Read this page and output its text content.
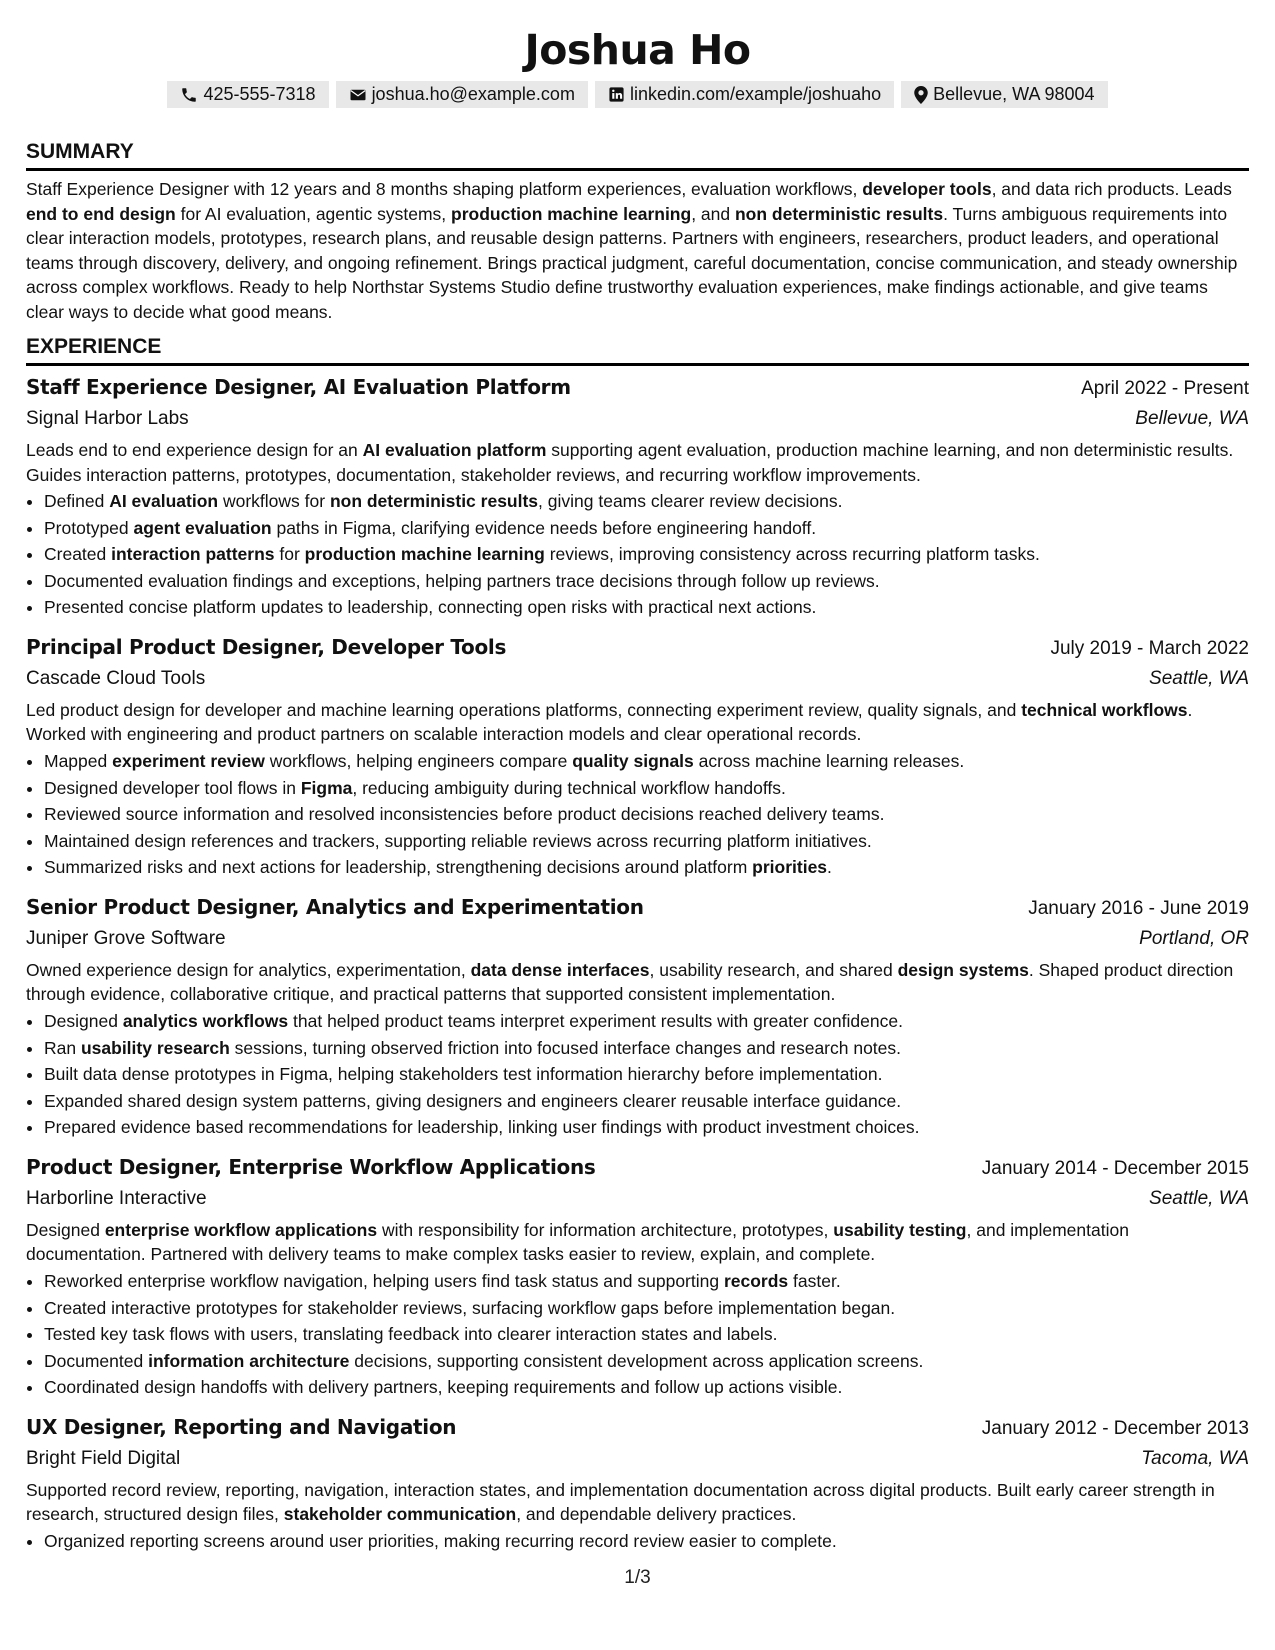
Joshua Ho
425-555-7318	joshua.ho@example.com	linkedin.com/example/joshuaho	Bellevue, WA 98004
SUMMARY

Staff Experience Designer with 12 years and 8 months shaping platform experiences, evaluation workflows, developer tools, and data rich products. Leads end to end design for AI evaluation, agentic systems, production machine learning, and non deterministic results. Turns ambiguous requirements into clear interaction models, prototypes, research plans, and reusable design patterns. Partners with engineers, researchers, product leaders, and operational teams through discovery, delivery, and ongoing refinement. Brings practical judgment, careful documentation, concise communication, and steady ownership across complex workflows. Ready to help Northstar Systems Studio define trustworthy evaluation experiences, make findings actionable, and give teams clear ways to decide what good means.

EXPERIENCE
Staff Experience Designer, AI Evaluation Platform	April 2022 - Present
Signal Harbor Labs	Bellevue, WA

Leads end to end experience design for an AI evaluation platform supporting agent evaluation, production machine learning, and non deterministic results. Guides interaction patterns, prototypes, documentation, stakeholder reviews, and recurring workflow improvements.

• Defined AI evaluation workflows for non deterministic results, giving teams clearer review decisions.
• Prototyped agent evaluation paths in Figma, clarifying evidence needs before engineering handoff.
• Created interaction patterns for production machine learning reviews, improving consistency across recurring platform tasks.
• Documented evaluation findings and exceptions, helping partners trace decisions through follow up reviews.
• Presented concise platform updates to leadership, connecting open risks with practical next actions.
Principal Product Designer, Developer Tools	July 2019 - March 2022
Cascade Cloud Tools	Seattle, WA

Led product design for developer and machine learning operations platforms, connecting experiment review, quality signals, and technical workflows. Worked with engineering and product partners on scalable interaction models and clear operational records.

• Mapped experiment review workflows, helping engineers compare quality signals across machine learning releases.
• Designed developer tool flows in Figma, reducing ambiguity during technical workflow handoffs.
• Reviewed source information and resolved inconsistencies before product decisions reached delivery teams.
• Maintained design references and trackers, supporting reliable reviews across recurring platform initiatives.
• Summarized risks and next actions for leadership, strengthening decisions around platform priorities.
Senior Product Designer, Analytics and Experimentation	January 2016 - June 2019
Juniper Grove Software	Portland, OR

Owned experience design for analytics, experimentation, data dense interfaces, usability research, and shared design systems. Shaped product direction through evidence, collaborative critique, and practical patterns that supported consistent implementation.

• Designed analytics workflows that helped product teams interpret experiment results with greater confidence.
• Ran usability research sessions, turning observed friction into focused interface changes and research notes.
• Built data dense prototypes in Figma, helping stakeholders test information hierarchy before implementation.
• Expanded shared design system patterns, giving designers and engineers clearer reusable interface guidance.
• Prepared evidence based recommendations for leadership, linking user findings with product investment choices.
Product Designer, Enterprise Workflow Applications	January 2014 - December 2015
Harborline Interactive	Seattle, WA

Designed enterprise workflow applications with responsibility for information architecture, prototypes, usability testing, and implementation documentation. Partnered with delivery teams to make complex tasks easier to review, explain, and complete.

• Reworked enterprise workflow navigation, helping users find task status and supporting records faster.
• Created interactive prototypes for stakeholder reviews, surfacing workflow gaps before implementation began.
• Tested key task flows with users, translating feedback into clearer interaction states and labels.
• Documented information architecture decisions, supporting consistent development across application screens.
• Coordinated design handoffs with delivery partners, keeping requirements and follow up actions visible.
UX Designer, Reporting and Navigation	January 2012 - December 2013
Bright Field Digital	Tacoma, WA

Supported record review, reporting, navigation, interaction states, and implementation documentation across digital products. Built early career strength in research, structured design files, stakeholder communication, and dependable delivery practices.

• Organized reporting screens around user priorities, making recurring record review easier to complete.
1/3
